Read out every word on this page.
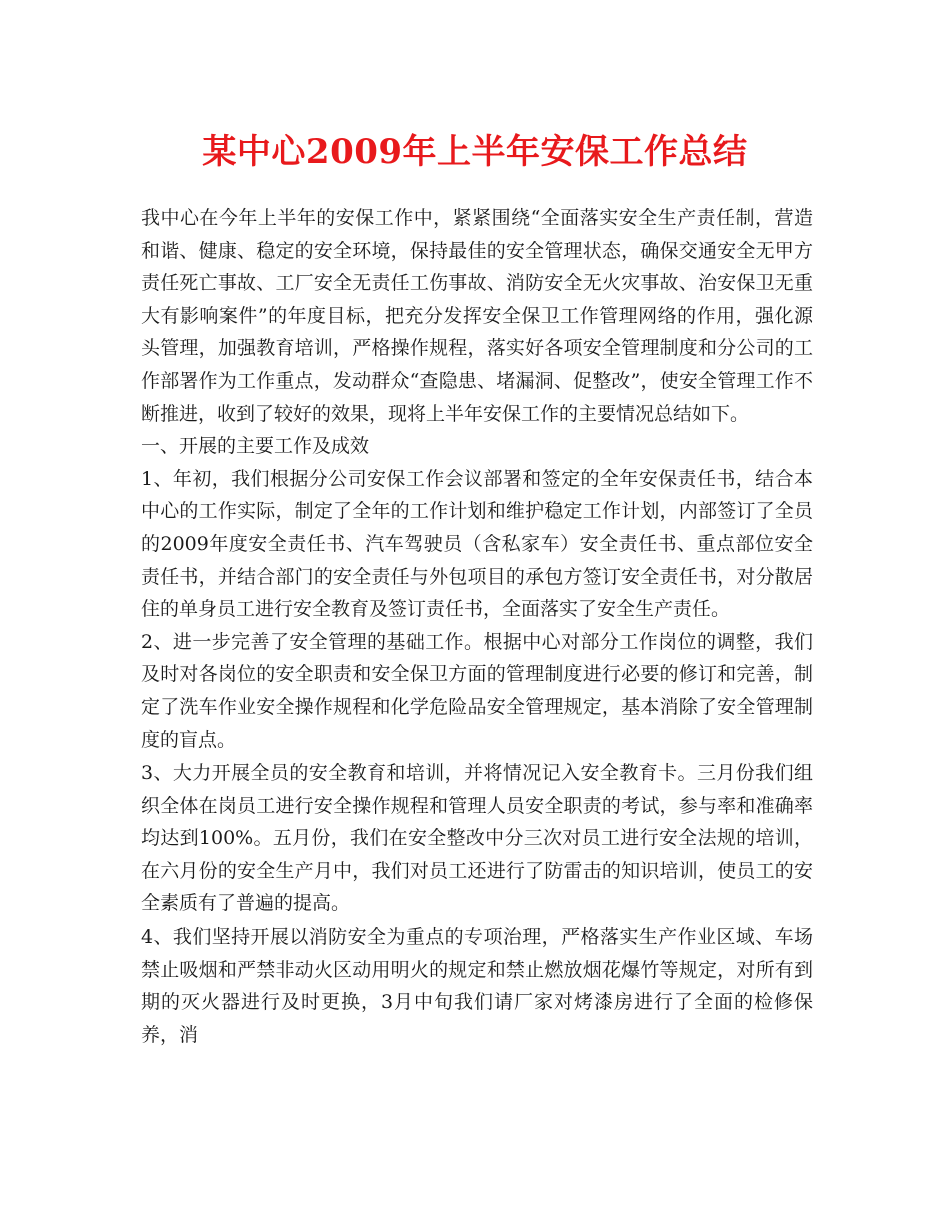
某中心2009年上半年安保工作总结

我中心在今年上半年的安保工作中，紧紧围绕“全面落实安全生产责任制，营造和谐、健康、稳定的安全环境，保持最佳的安全管理状态，确保交通安全无甲方责任死亡事故、工厂安全无责任工伤事故、消防安全无火灾事故、治安保卫无重大有影响案件”的年度目标，把充分发挥安全保卫工作管理网络的作用，强化源头管理，加强教育培训，严格操作规程，落实好各项安全管理制度和分公司的工作部署作为工作重点，发动群众“查隐患、堵漏洞、促整改”，使安全管理工作不断推进，收到了较好的效果，现将上半年安保工作的主要情况总结如下。

一、开展的主要工作及成效

1、年初，我们根据分公司安保工作会议部署和签定的全年安保责任书，结合本中心的工作实际，制定了全年的工作计划和维护稳定工作计划，内部签订了全员的2009年度安全责任书、汽车驾驶员（含私家车）安全责任书、重点部位安全责任书，并结合部门的安全责任与外包项目的承包方签订安全责任书，对分散居住的单身员工进行安全教育及签订责任书，全面落实了安全生产责任。

2、进一步完善了安全管理的基础工作。根据中心对部分工作岗位的调整，我们及时对各岗位的安全职责和安全保卫方面的管理制度进行必要的修订和完善，制定了洗车作业安全操作规程和化学危险品安全管理规定，基本消除了安全管理制度的盲点。

3、大力开展全员的安全教育和培训，并将情况记入安全教育卡。三月份我们组织全体在岗员工进行安全操作规程和管理人员安全职责的考试，参与率和准确率均达到100%。五月份，我们在安全整改中分三次对员工进行安全法规的培训，在六月份的安全生产月中，我们对员工还进行了防雷击的知识培训，使员工的安全素质有了普遍的提高。

4、我们坚持开展以消防安全为重点的专项治理，严格落实生产作业区域、车场禁止吸烟和严禁非动火区动用明火的规定和禁止燃放烟花爆竹等规定，对所有到期的灭火器进行及时更换，3月中旬我们请厂家对烤漆房进行了全面的检修保养，消
